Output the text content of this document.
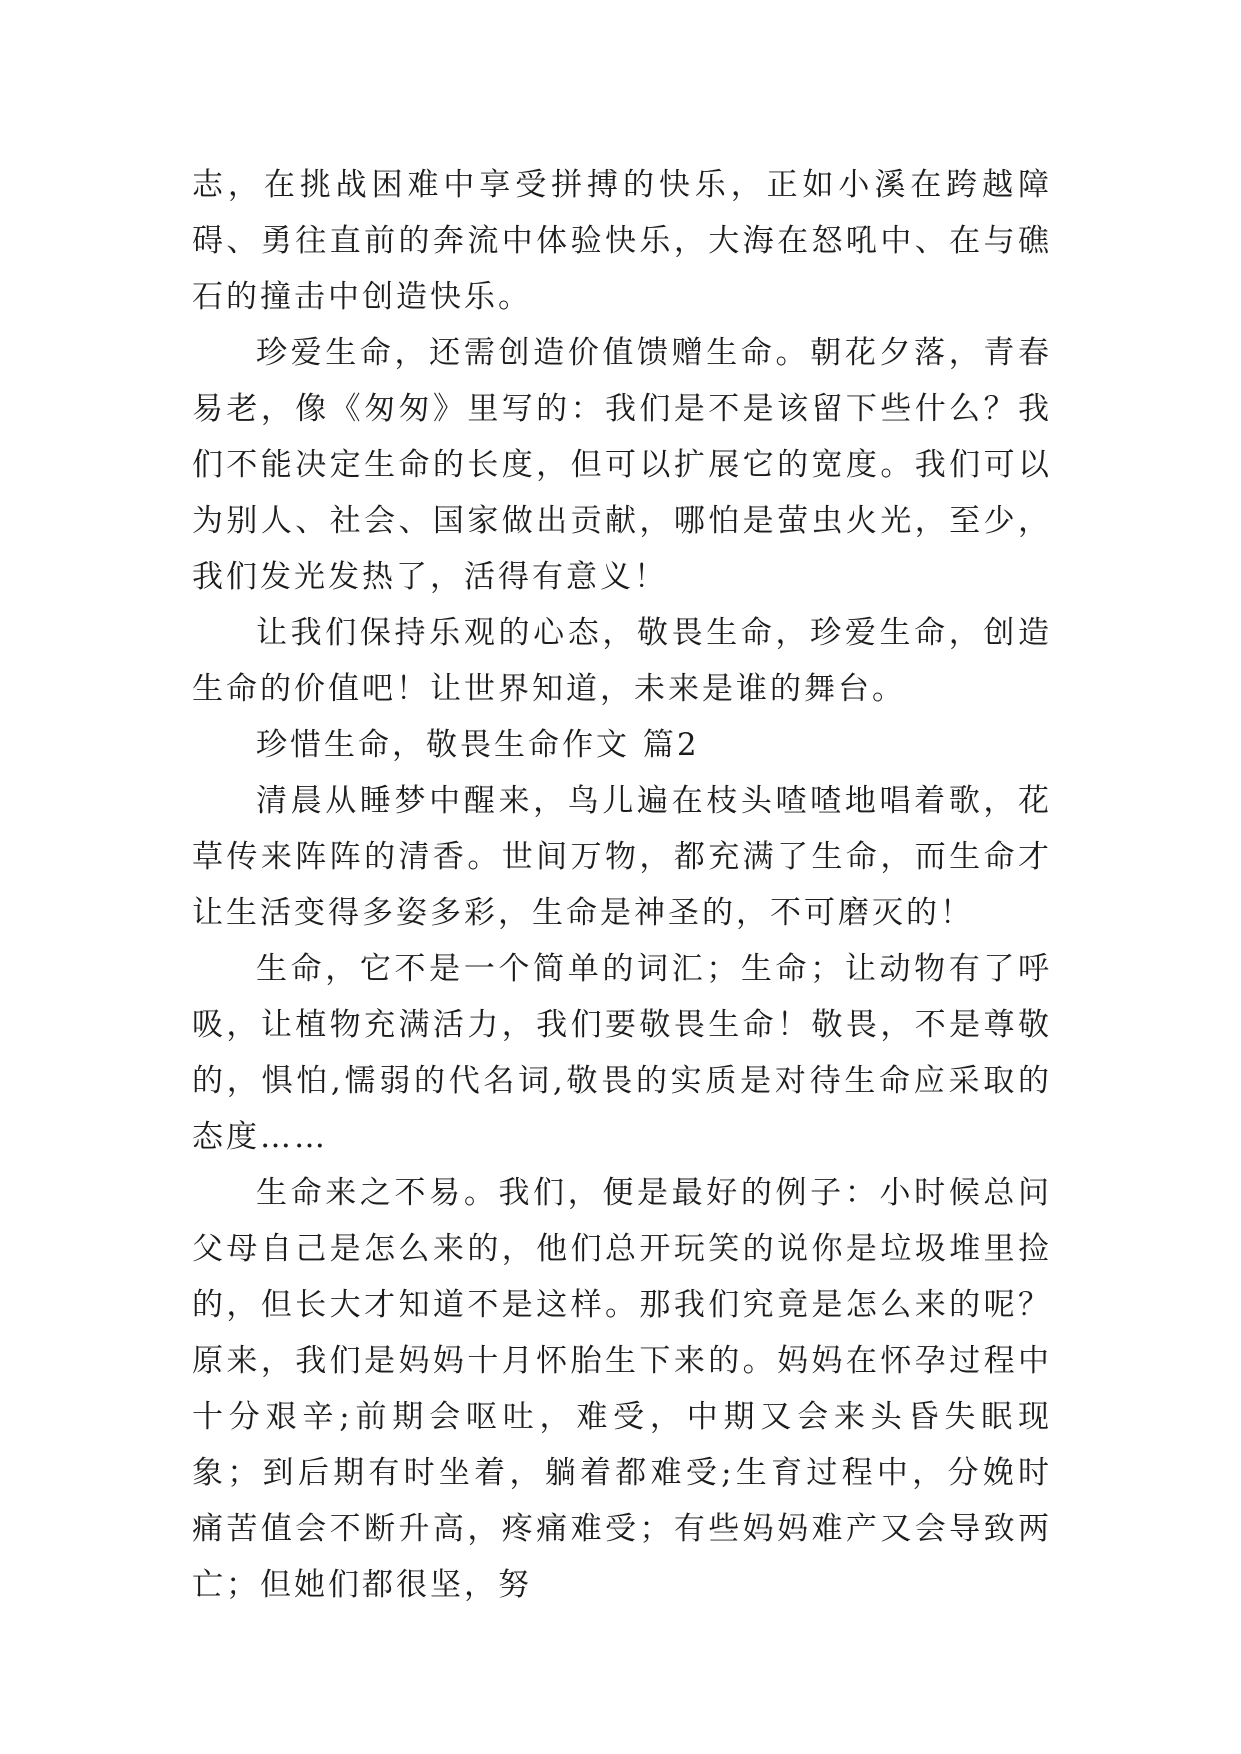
志，在挑战困难中享受拼搏的快乐，正如小溪在跨越障碍、勇往直前的奔流中体验快乐，大海在怒吼中、在与礁石的撞击中创造快乐。

珍爱生命，还需创造价值馈赠生命。朝花夕落，青春易老，像《匆匆》里写的：我们是不是该留下些什么？我们不能决定生命的长度，但可以扩展它的宽度。我们可以为别人、社会、国家做出贡献，哪怕是萤虫火光，至少，我们发光发热了，活得有意义！

让我们保持乐观的心态，敬畏生命，珍爱生命，创造生命的价值吧！让世界知道，未来是谁的舞台。

珍惜生命，敬畏生命作文 篇2

清晨从睡梦中醒来，鸟儿遍在枝头喳喳地唱着歌，花草传来阵阵的清香。世间万物，都充满了生命，而生命才让生活变得多姿多彩，生命是神圣的，不可磨灭的！

生命，它不是一个简单的词汇；生命；让动物有了呼吸，让植物充满活力，我们要敬畏生命！敬畏，不是尊敬的，惧怕,懦弱的代名词,敬畏的实质是对待生命应采取的态度……

生命来之不易。我们，便是最好的例子：小时候总问父母自己是怎么来的，他们总开玩笑的说你是垃圾堆里捡的，但长大才知道不是这样。那我们究竟是怎么来的呢？原来，我们是妈妈十月怀胎生下来的。妈妈在怀孕过程中十分艰辛;前期会呕吐，难受，中期又会来头昏失眠现象；到后期有时坐着，躺着都难受;生育过程中，分娩时痛苦值会不断升高，疼痛难受；有些妈妈难产又会导致两亡；但她们都很坚，努
